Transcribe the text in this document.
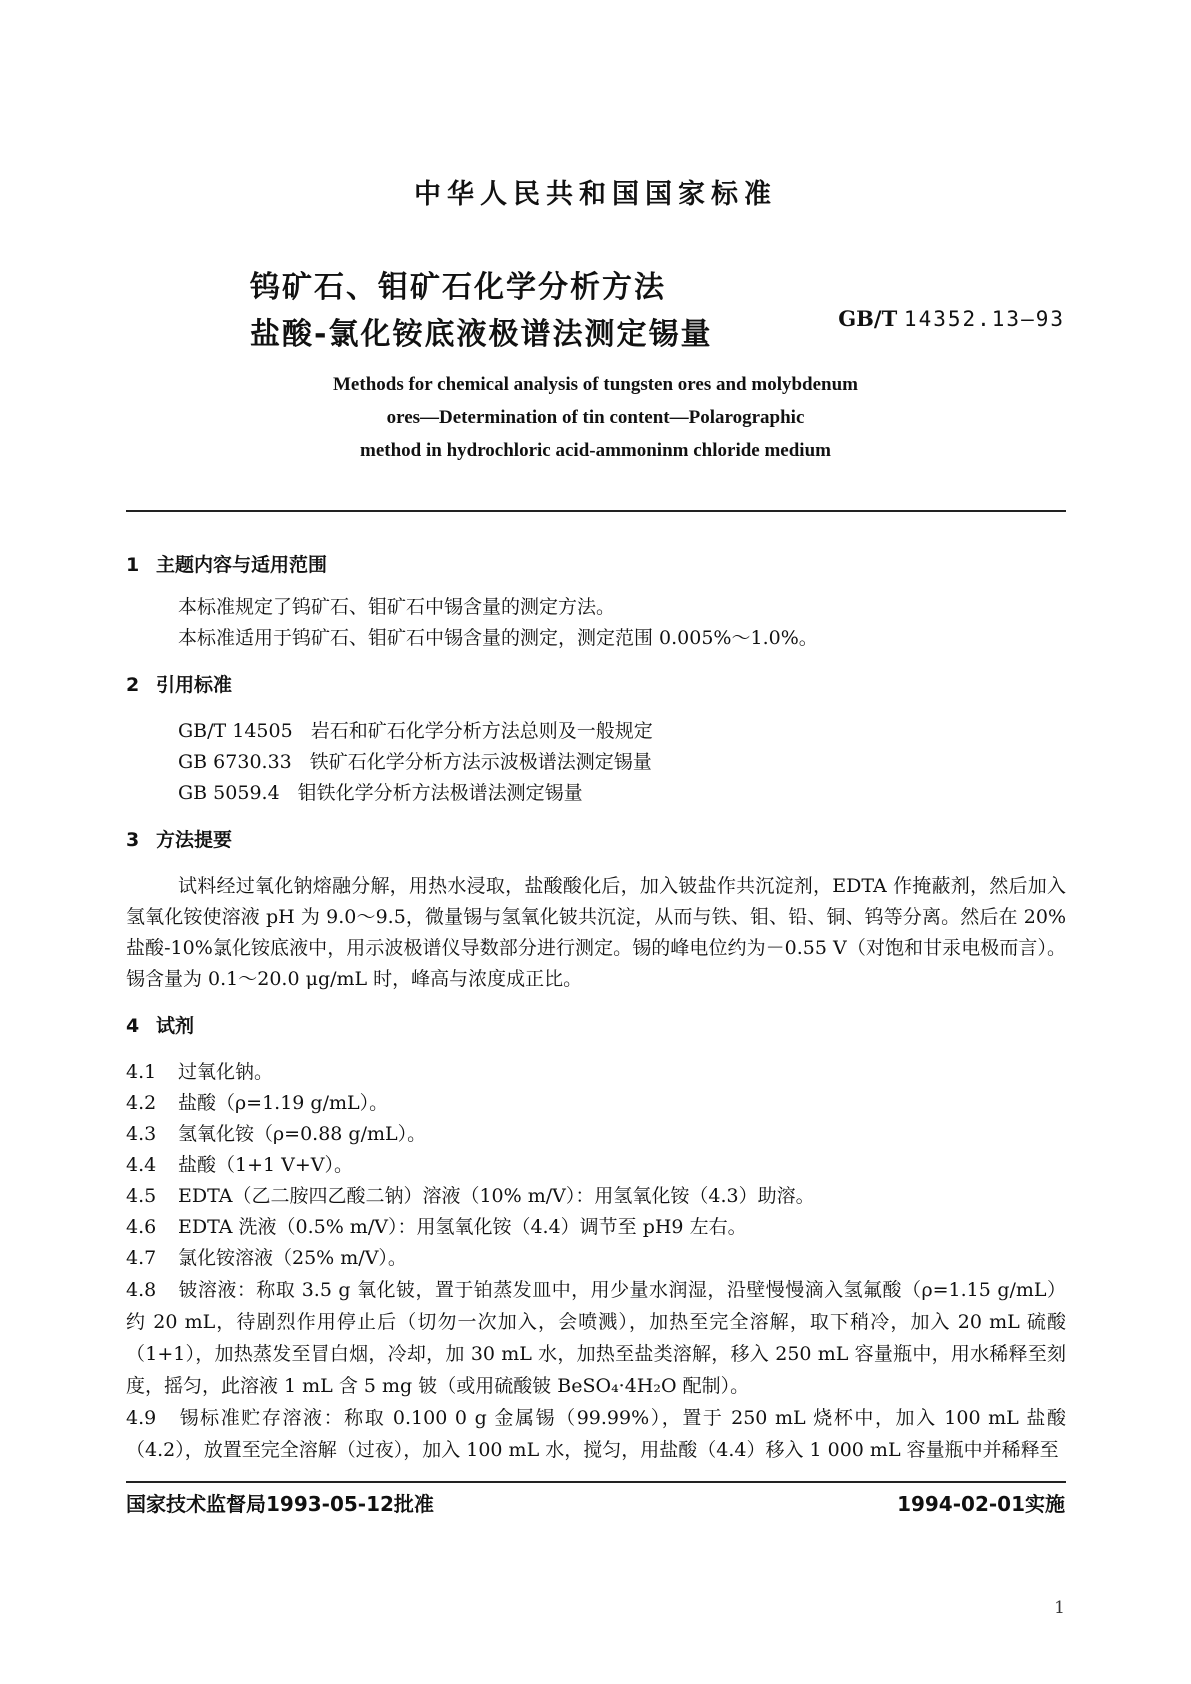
中华人民共和国国家标准
钨矿石、钼矿石化学分析方法
盐酸-氯化铵底液极谱法测定锡量	GB/T 14352.13—93
Methods for chemical analysis of tungsten ores and molybdenum
ores—Determination of tin content—Polarographic
method in hydrochloric acid-ammoninm chloride medium
1 主题内容与适用范围

本标准规定了钨矿石、钼矿石中锡含量的测定方法。

本标准适用于钨矿石、钼矿石中锡含量的测定，测定范围 0.005%～1.0%。

2 引用标准

GB/T 14505 岩石和矿石化学分析方法总则及一般规定

GB 6730.33 铁矿石化学分析方法示波极谱法测定锡量

GB 5059.4 钼铁化学分析方法极谱法测定锡量

3 方法提要

试料经过氧化钠熔融分解，用热水浸取，盐酸酸化后，加入铍盐作共沉淀剂，EDTA 作掩蔽剂，然后加入氢氧化铵使溶液 pH 为 9.0～9.5，微量锡与氢氧化铍共沉淀，从而与铁、钼、铅、铜、钨等分离。然后在 20%盐酸-10%氯化铵底液中，用示波极谱仪导数部分进行测定。锡的峰电位约为－0.55 V（对饱和甘汞电极而言）。锡含量为 0.1～20.0 μg/mL 时，峰高与浓度成正比。

4 试剂

4.1 过氧化钠。

4.2 盐酸（ρ=1.19 g/mL）。

4.3 氢氧化铵（ρ=0.88 g/mL）。

4.4 盐酸（1+1 V+V）。

4.5 EDTA（乙二胺四乙酸二钠）溶液（10% m/V）：用氢氧化铵（4.3）助溶。

4.6 EDTA 洗液（0.5% m/V）：用氢氧化铵（4.4）调节至 pH9 左右。

4.7 氯化铵溶液（25% m/V）。

4.8 铍溶液：称取 3.5 g 氧化铍，置于铂蒸发皿中，用少量水润湿，沿壁慢慢滴入氢氟酸（ρ=1.15 g/mL）约 20 mL，待剧烈作用停止后（切勿一次加入，会喷溅），加热至完全溶解，取下稍冷，加入 20 mL 硫酸（1+1），加热蒸发至冒白烟，冷却，加 30 mL 水，加热至盐类溶解，移入 250 mL 容量瓶中，用水稀释至刻度，摇匀，此溶液 1 mL 含 5 mg 铍（或用硫酸铍 BeSO₄·4H₂O 配制）。

4.9 锡标准贮存溶液：称取 0.100 0 g 金属锡（99.99%），置于 250 mL 烧杯中，加入 100 mL 盐酸（4.2），放置至完全溶解（过夜），加入 100 mL 水，搅匀，用盐酸（4.4）移入 1 000 mL 容量瓶中并稀释至

国家技术监督局1993-05-12批准	1994-02-01实施
1
